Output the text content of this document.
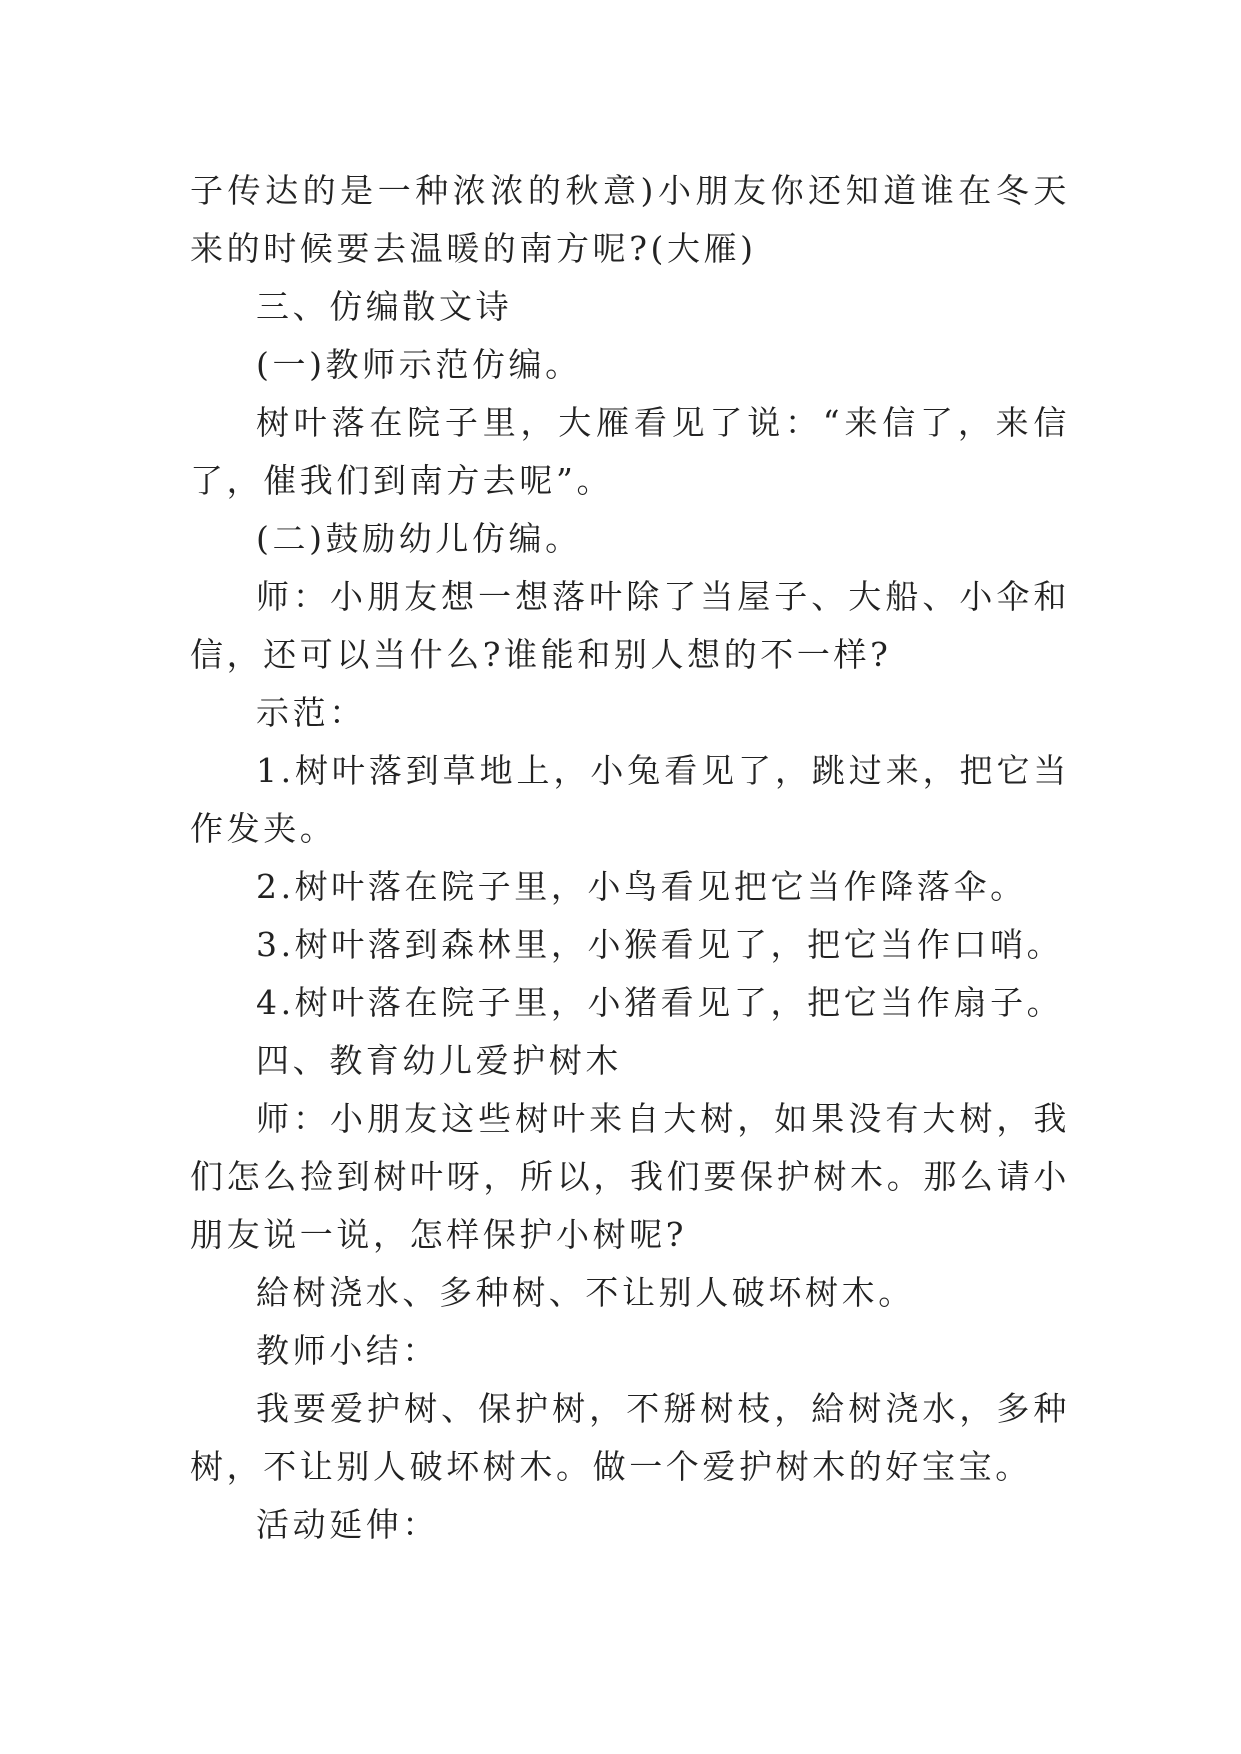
子传达的是一种浓浓的秋意)小朋友你还知道谁在冬天来的时候要去温暖的南方呢?(大雁)

三、仿编散文诗

(一)教师示范仿编。

树叶落在院子里，大雁看见了说：“来信了，来信了，催我们到南方去呢”。

(二)鼓励幼儿仿编。

师：小朋友想一想落叶除了当屋子、大船、小伞和信，还可以当什么?谁能和别人想的不一样?

示范：

1.树叶落到草地上，小兔看见了，跳过来，把它当作发夹。

2.树叶落在院子里，小鸟看见把它当作降落伞。

3.树叶落到森林里，小猴看见了，把它当作口哨。

4.树叶落在院子里，小猪看见了，把它当作扇子。

四、教育幼儿爱护树木

师：小朋友这些树叶来自大树，如果没有大树，我们怎么捡到树叶呀，所以，我们要保护树木。那么请小朋友说一说，怎样保护小树呢?

給树浇水、多种树、不让别人破坏树木。

教师小结：

我要爱护树、保护树，不掰树枝，給树浇水，多种树，不让别人破坏树木。做一个爱护树木的好宝宝。

活动延伸：
